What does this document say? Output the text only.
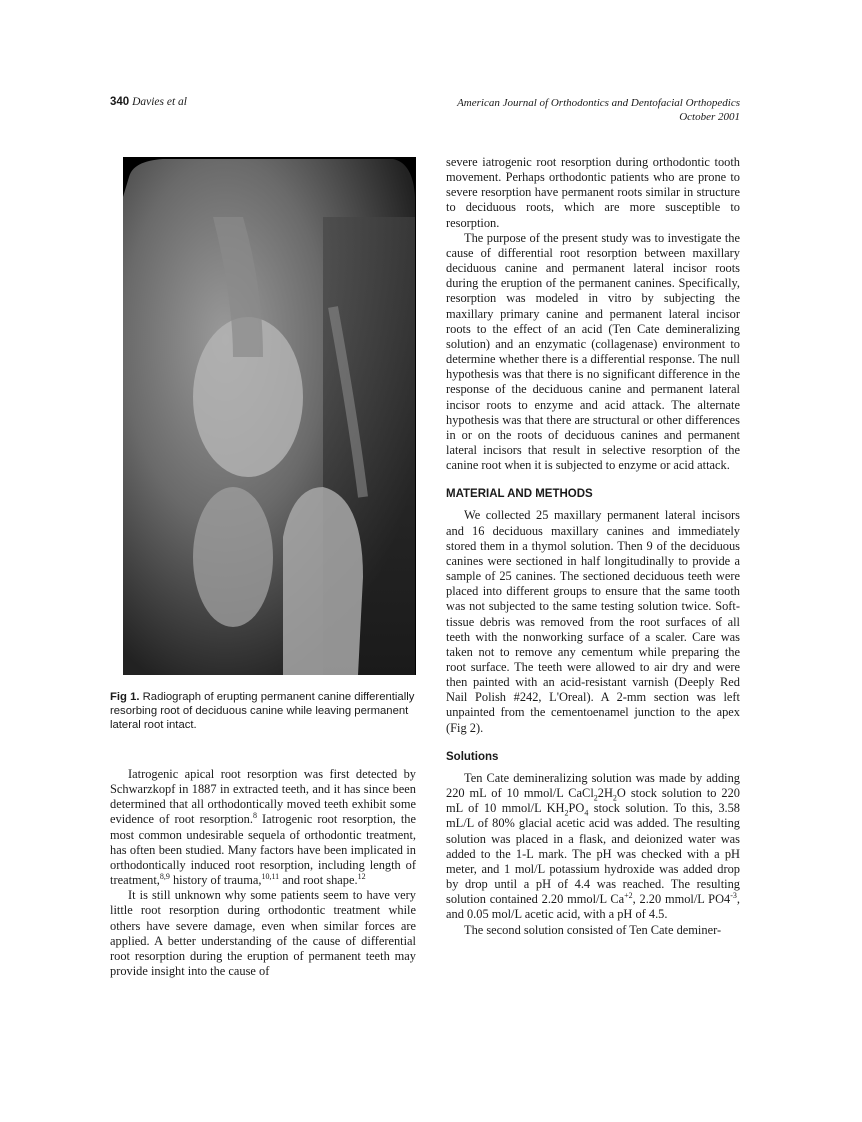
340 Davies et al	American Journal of Orthodontics and Dentofacial Orthopedics
October 2001
Fig 1. Radiograph of erupting permanent canine differentially resorbing root of deciduous canine while leaving permanent lateral root intact.

Iatrogenic apical root resorption was first detected by Schwarzkopf in 1887 in extracted teeth, and it has since been determined that all orthodontically moved teeth exhibit some evidence of root resorption.$^8$ Iatrogenic root resorption, the most common undesirable sequela of orthodontic treatment, has often been studied. Many factors have been implicated in orthodontically induced root resorption, including length of treatment,$^{8,9}$ history of trauma,$^{10,11}$ and root shape.$^{12}$

It is still unknown why some patients seem to have very little root resorption during orthodontic treatment while others have severe damage, even when similar forces are applied. A better understanding of the cause of differential root resorption during the eruption of permanent teeth may provide insight into the cause of

severe iatrogenic root resorption during orthodontic tooth movement. Perhaps orthodontic patients who are prone to severe resorption have permanent roots similar in structure to deciduous roots, which are more susceptible to resorption.

The purpose of the present study was to investigate the cause of differential root resorption between maxillary deciduous canine and permanent lateral incisor roots during the eruption of the permanent canines. Specifically, resorption was modeled in vitro by subjecting the maxillary primary canine and permanent lateral incisor roots to the effect of an acid (Ten Cate demineralizing solution) and an enzymatic (collagenase) environment to determine whether there is a differential response. The null hypothesis was that there is no significant difference in the response of the deciduous canine and permanent lateral incisor roots to enzyme and acid attack. The alternate hypothesis was that there are structural or other differences in or on the roots of deciduous canines and permanent lateral incisors that result in selective resorption of the canine root when it is subjected to enzyme or acid attack.

MATERIAL AND METHODS

We collected 25 maxillary permanent lateral incisors and 16 deciduous maxillary canines and immediately stored them in a thymol solution. Then 9 of the deciduous canines were sectioned in half longitudinally to provide a sample of 25 canines. The sectioned deciduous teeth were placed into different groups to ensure that the same tooth was not subjected to the same testing solution twice. Soft-tissue debris was removed from the root surfaces of all teeth with the nonworking surface of a scaler. Care was taken not to remove any cementum while preparing the root surface. The teeth were allowed to air dry and were then painted with an acid-resistant varnish (Deeply Red Nail Polish #242, L'Oreal). A 2-mm section was left unpainted from the cementoenamel junction to the apex (Fig 2).

Solutions

Ten Cate demineralizing solution was made by adding 220 mL of 10 mmol/L $CaCl_22H_2O$ stock solution to 220 mL of 10 mmol/L $KH_2PO_4$ stock solution. To this, 3.58 mL/L of 80% glacial acetic acid was added. The resulting solution was placed in a flask, and deionized water was added to the 1-L mark. The pH was checked with a pH meter, and 1 mol/L potassium hydroxide was added drop by drop until a pH of 4.4 was reached. The resulting solution contained 2.20 mmol/L $Ca^{+2}$, 2.20 mmol/L $PO4^{-3}$, and 0.05 mol/L acetic acid, with a pH of 4.5.

The second solution consisted of Ten Cate deminer-
